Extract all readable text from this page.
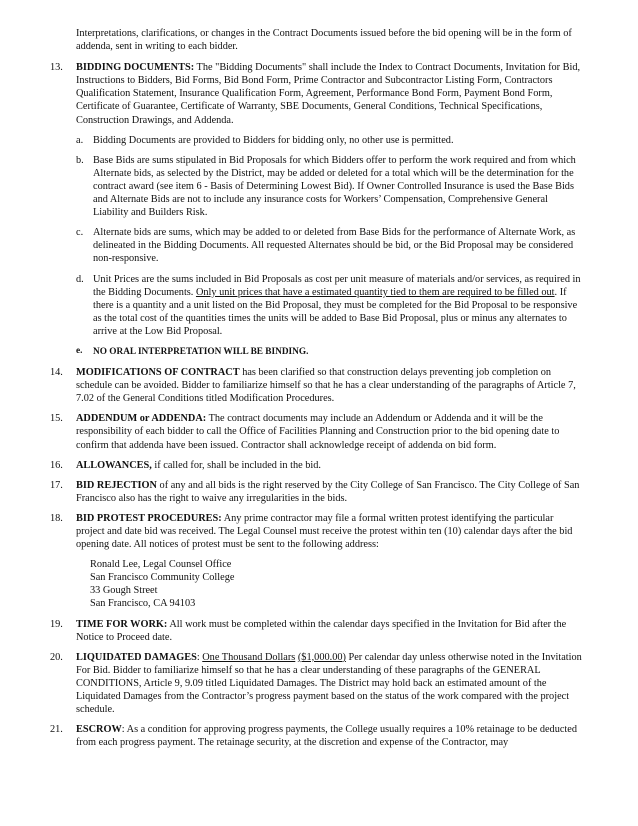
Interpretations, clarifications, or changes in the Contract Documents issued before the bid opening will be in the form of addenda, sent in writing to each bidder.

13. BIDDING DOCUMENTS: The "Bidding Documents" shall include the Index to Contract Documents, Invitation for Bid, Instructions to Bidders, Bid Forms, Bid Bond Form, Prime Contractor and Subcontractor Listing Form, Contractors Qualification Statement, Insurance Qualification Form, Agreement, Performance Bond Form, Payment Bond Form, Certificate of Guarantee, Certificate of Warranty, SBE Documents, General Conditions, Technical Specifications, Construction Drawings, and Addenda.

a. Bidding Documents are provided to Bidders for bidding only, no other use is permitted.

b. Base Bids are sums stipulated in Bid Proposals for which Bidders offer to perform the work required and from which Alternate bids, as selected by the District, may be added or deleted for a total which will be the determination for the contract award (see item 6 - Basis of Determining Lowest Bid). If Owner Controlled Insurance is used the Base Bids and Alternate Bids are not to include any insurance costs for Workers’ Compensation, Comprehensive General Liability and Builders Risk.

c. Alternate bids are sums, which may be added to or deleted from Base Bids for the performance of Alternate Work, as delineated in the Bidding Documents. All requested Alternates should be bid, or the Bid Proposal may be considered non-responsive.

d. Unit Prices are the sums included in Bid Proposals as cost per unit measure of materials and/or services, as required in the Bidding Documents. Only unit prices that have a estimated quantity tied to them are required to be filled out. If there is a quantity and a unit listed on the Bid Proposal, they must be completed for the Bid Proposal to be responsive as the total cost of the quantities times the units will be added to Base Bid Proposal, plus or minus any alternates to arrive at the Low Bid Proposal.

e. NO ORAL INTERPRETATION WILL BE BINDING.

14. MODIFICATIONS OF CONTRACT has been clarified so that construction delays preventing job completion on schedule can be avoided. Bidder to familiarize himself so that he has a clear understanding of the paragraphs of Article 7, 7.02 of the General Conditions titled Modification Procedures.

15. ADDENDUM or ADDENDA: The contract documents may include an Addendum or Addenda and it will be the responsibility of each bidder to call the Office of Facilities Planning and Construction prior to the bid opening date to confirm that addenda have been issued. Contractor shall acknowledge receipt of addenda on bid form.

16. ALLOWANCES, if called for, shall be included in the bid.

17. BID REJECTION of any and all bids is the right reserved by the City College of San Francisco. The City College of San Francisco also has the right to waive any irregularities in the bids.

18. BID PROTEST PROCEDURES: Any prime contractor may file a formal written protest identifying the particular project and date bid was received. The Legal Counsel must receive the protest within ten (10) calendar days after the bid opening date. All notices of protest must be sent to the following address:

Ronald Lee, Legal Counsel Office
San Francisco Community College
33 Gough Street
San Francisco, CA 94103
19. TIME FOR WORK: All work must be completed within the calendar days specified in the Invitation for Bid after the Notice to Proceed date.

20. LIQUIDATED DAMAGES: One Thousand Dollars ($1,000.00) Per calendar day unless otherwise noted in the Invitation For Bid. Bidder to familiarize himself so that he has a clear understanding of these paragraphs of the GENERAL CONDITIONS, Article 9, 9.09 titled Liquidated Damages. The District may hold back an estimated amount of the Liquidated Damages from the Contractor’s progress payment based on the status of the work compared with the project schedule.

21. ESCROW: As a condition for approving progress payments, the College usually requires a 10% retainage to be deducted from each progress payment. The retainage security, at the discretion and expense of the Contractor, may
